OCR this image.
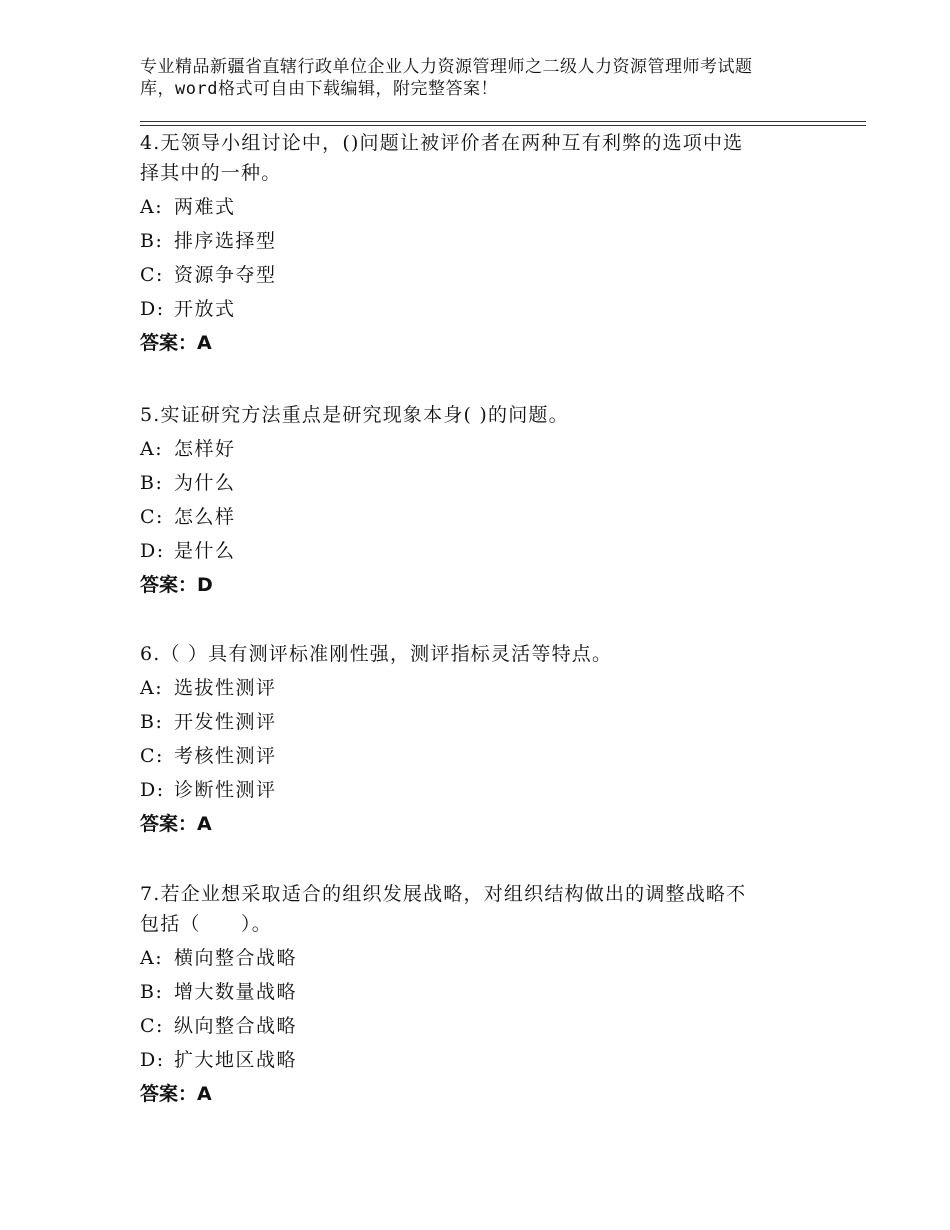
专业精品新疆省直辖行政单位企业人力资源管理师之二级人力资源管理师考试题
库，word格式可自由下载编辑，附完整答案！
4.无领导小组讨论中，()问题让被评价者在两种互有利弊的选项中选
择其中的一种。
A: 两难式
B: 排序选择型
C: 资源争夺型
D: 开放式
答案：A
5.实证研究方法重点是研究现象本身( )的问题。
A: 怎样好
B: 为什么
C: 怎么样
D: 是什么
答案：D
6.（ ）具有测评标准刚性强，测评指标灵活等特点。
A: 选拔性测评
B: 开发性测评
C: 考核性测评
D: 诊断性测评
答案：A
7.若企业想采取适合的组织发展战略，对组织结构做出的调整战略不
包括（　　）。
A: 横向整合战略
B: 增大数量战略
C: 纵向整合战略
D: 扩大地区战略
答案：A
